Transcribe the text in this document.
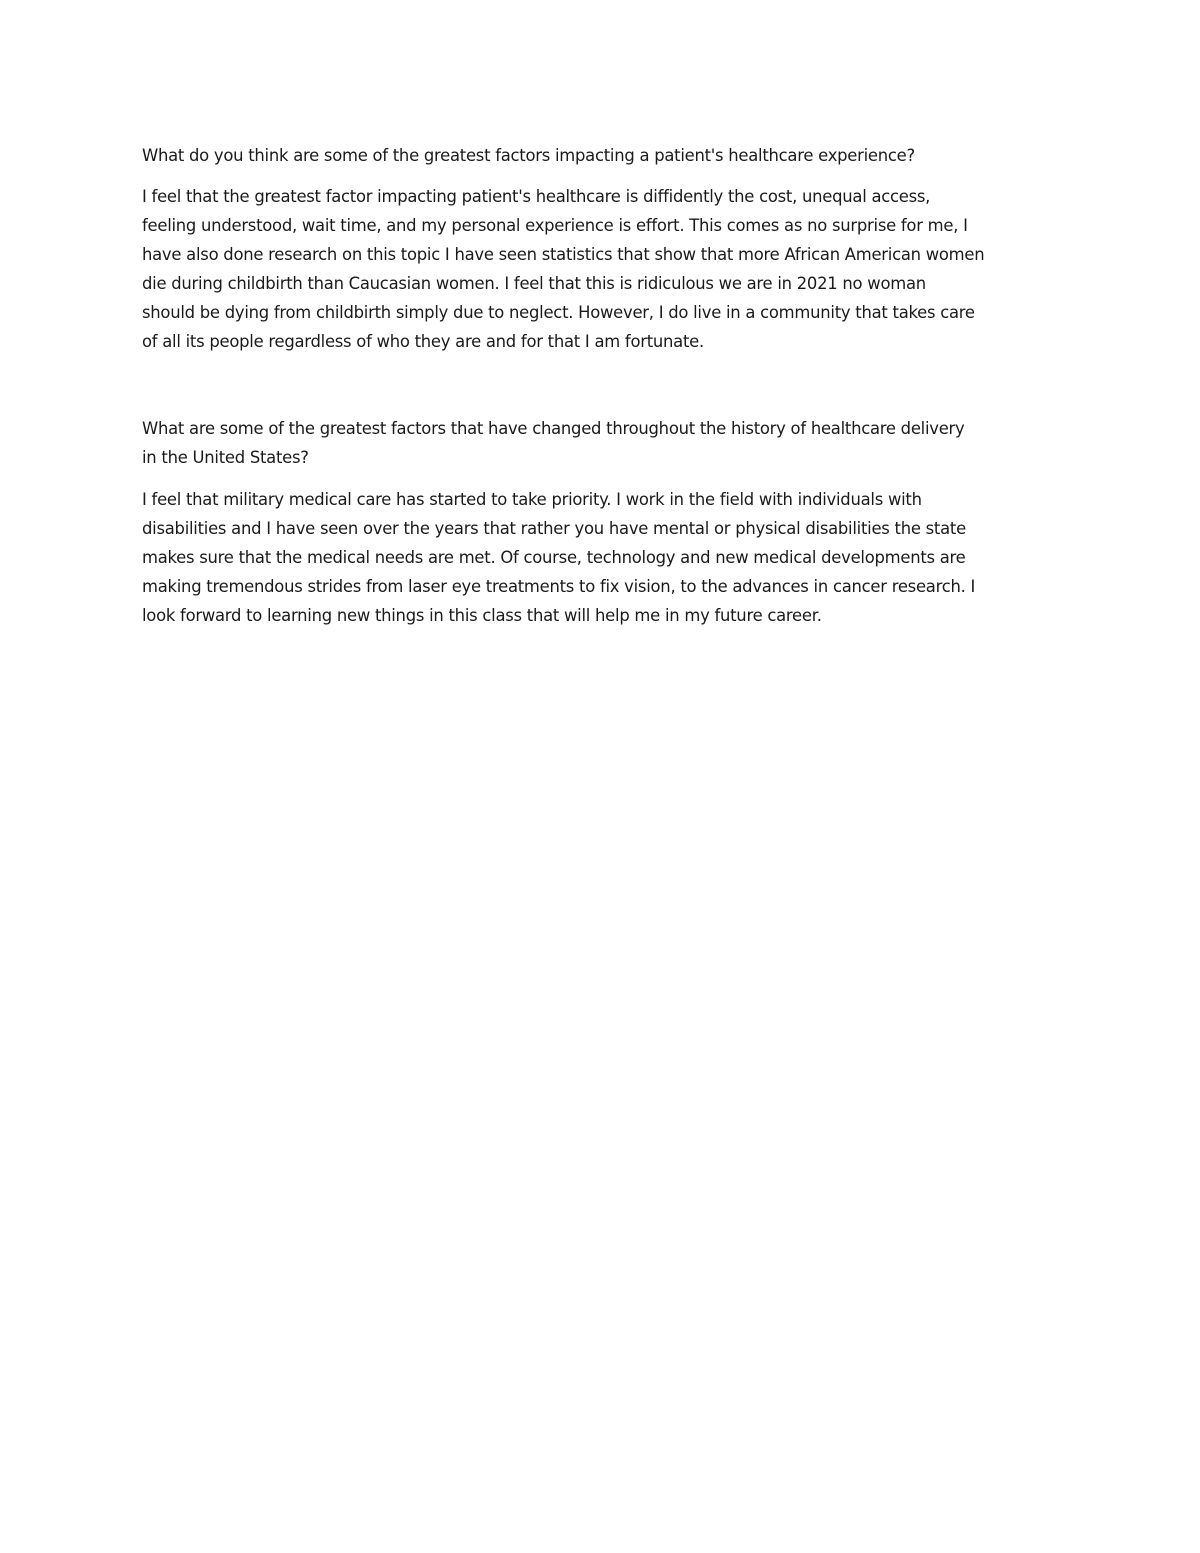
What do you think are some of the greatest factors impacting a patient's healthcare experience?
I feel that the greatest factor impacting patient's healthcare is diffidently the cost, unequal access,
feeling understood, wait time, and my personal experience is effort. This comes as no surprise for me, I
have also done research on this topic I have seen statistics that show that more African American women
die during childbirth than Caucasian women. I feel that this is ridiculous we are in 2021 no woman
should be dying from childbirth simply due to neglect. However, I do live in a community that takes care
of all its people regardless of who they are and for that I am fortunate.
What are some of the greatest factors that have changed throughout the history of healthcare delivery
in the United States?
I feel that military medical care has started to take priority. I work in the field with individuals with
disabilities and I have seen over the years that rather you have mental or physical disabilities the state
makes sure that the medical needs are met. Of course, technology and new medical developments are
making tremendous strides from laser eye treatments to fix vision, to the advances in cancer research. I
look forward to learning new things in this class that will help me in my future career.
